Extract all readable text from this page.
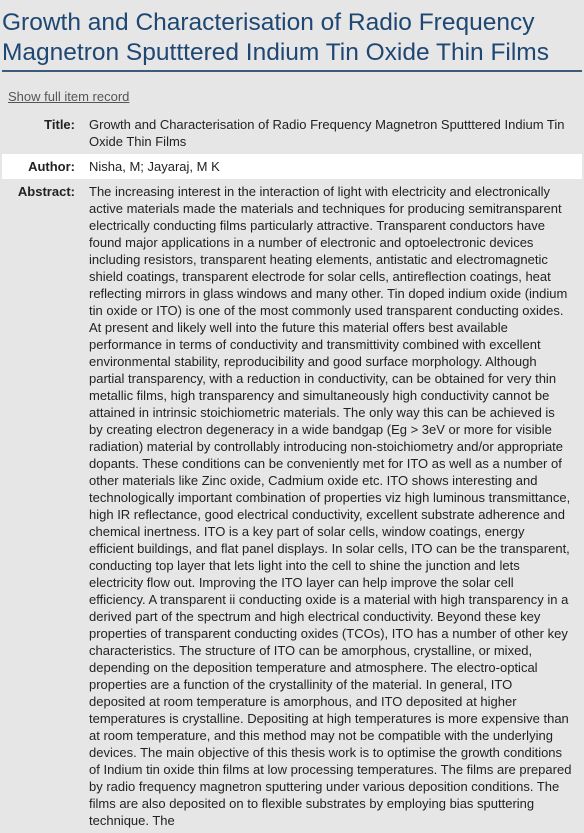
Growth and Characterisation of Radio Frequency Magnetron Sputttered Indium Tin Oxide Thin Films
Show full item record
Title:	Growth and Characterisation of Radio Frequency Magnetron Sputttered Indium Tin Oxide Thin Films
Author:	Nisha, M; Jayaraj, M K
Abstract:	The increasing interest in the interaction of light with electricity and electronically active materials made the materials and techniques for producing semitransparent electrically conducting films particularly attractive. Transparent conductors have found major applications in a number of electronic and optoelectronic devices including resistors, transparent heating elements, antistatic and electromagnetic shield coatings, transparent electrode for solar cells, antireflection coatings, heat reflecting mirrors in glass windows and many other. Tin doped indium oxide (indium tin oxide or ITO) is one of the most commonly used transparent conducting oxides. At present and likely well into the future this material offers best available performance in terms of conductivity and transmittivity combined with excellent environmental stability, reproducibility and good surface morphology. Although partial transparency, with a reduction in conductivity, can be obtained for very thin metallic films, high transparency and simultaneously high conductivity cannot be attained in intrinsic stoichiometric materials. The only way this can be achieved is by creating electron degeneracy in a wide bandgap (Eg > 3eV or more for visible radiation) material by controllably introducing non-stoichiometry and/or appropriate dopants. These conditions can be conveniently met for ITO as well as a number of other materials like Zinc oxide, Cadmium oxide etc. ITO shows interesting and technologically important combination of properties viz high luminous transmittance, high IR reflectance, good electrical conductivity, excellent substrate adherence and chemical inertness. ITO is a key part of solar cells, window coatings, energy efficient buildings, and flat panel displays. In solar cells, ITO can be the transparent, conducting top layer that lets light into the cell to shine the junction and lets electricity flow out. Improving the ITO layer can help improve the solar cell efficiency. A transparent ii conducting oxide is a material with high transparency in a derived part of the spectrum and high electrical conductivity. Beyond these key properties of transparent conducting oxides (TCOs), ITO has a number of other key characteristics. The structure of ITO can be amorphous, crystalline, or mixed, depending on the deposition temperature and atmosphere. The electro-optical properties are a function of the crystallinity of the material. In general, ITO deposited at room temperature is amorphous, and ITO deposited at higher temperatures is crystalline. Depositing at high temperatures is more expensive than at room temperature, and this method may not be compatible with the underlying devices. The main objective of this thesis work is to optimise the growth conditions of Indium tin oxide thin films at low processing temperatures. The films are prepared by radio frequency magnetron sputtering under various deposition conditions. The films are also deposited on to flexible substrates by employing bias sputtering technique. The
